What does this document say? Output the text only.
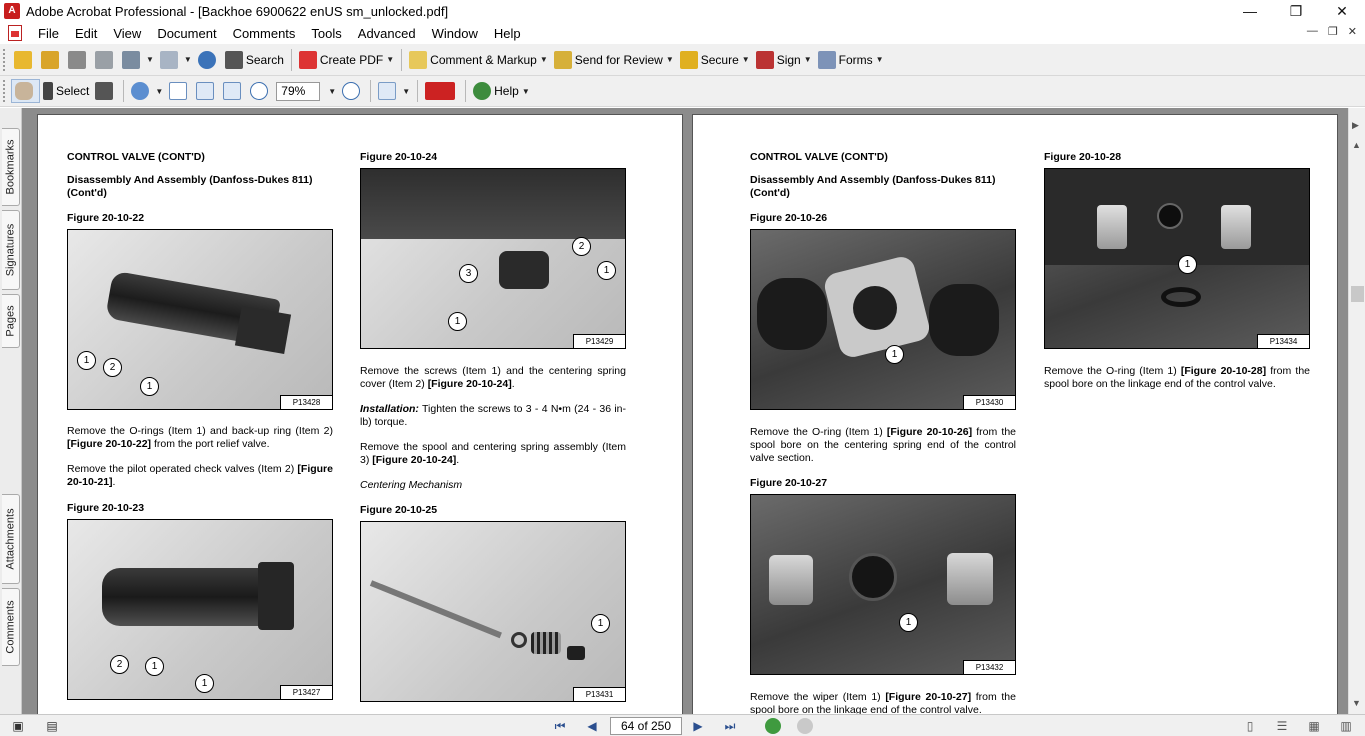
A Adobe Acrobat Professional - [Backhoe 6900622 enUS sm_unlocked.pdf]	—	❐	✕
File	Edit	View	Document	Comments	Tools	Advanced	Window	Help	— ❐ ✕
▼	▼	Search	Create PDF ▼	Comment & Markup ▼ Send for Review ▼ Secure ▼ Sign ▼ Forms ▼
Select	▼	79%	▼	▼	Help ▼
Bookmarks
Signatures
Pages
Attachments
Comments
CONTROL VALVE (CONT'D)
Disassembly And Assembly (Danfoss-Dukes 811)
(Cont'd)
Figure 20-10-22
1
2
1
P13428
Remove the O-rings (Item 1) and back-up ring (Item 2) [Figure 20-10-22] from the port relief valve.
Remove the pilot operated check valves (Item 2) [Figure 20-10-21].
Figure 20-10-23
2	1
1
P13427
Figure 20-10-24
2
3	1
1
P13429
Remove the screws (Item 1) and the centering spring cover (Item 2) [Figure 20-10-24].
Installation: Tighten the screws to 3 - 4 N•m (24 - 36 in-lb) torque.
Remove the spool and centering spring assembly (Item 3) [Figure 20-10-24].
Centering Mechanism
Figure 20-10-25
1
P13431
CONTROL VALVE (CONT'D)
Disassembly And Assembly (Danfoss-Dukes 811)
(Cont'd)
Figure 20-10-26
1
P13430
Remove the O-ring (Item 1) [Figure 20-10-26] from the spool bore on the centering spring end of the control valve section.
Figure 20-10-27
1
P13432
Remove the wiper (Item 1) [Figure 20-10-27] from the spool bore on the linkage end of the control valve.
Figure 20-10-28
1
P13434
Remove the O-ring (Item 1) [Figure 20-10-28] from the spool bore on the linkage end of the control valve.
▶
▲
▼
▣	▤	⏮	◀	64 of 250	▶	⏭	▯	☰	▦	▥
